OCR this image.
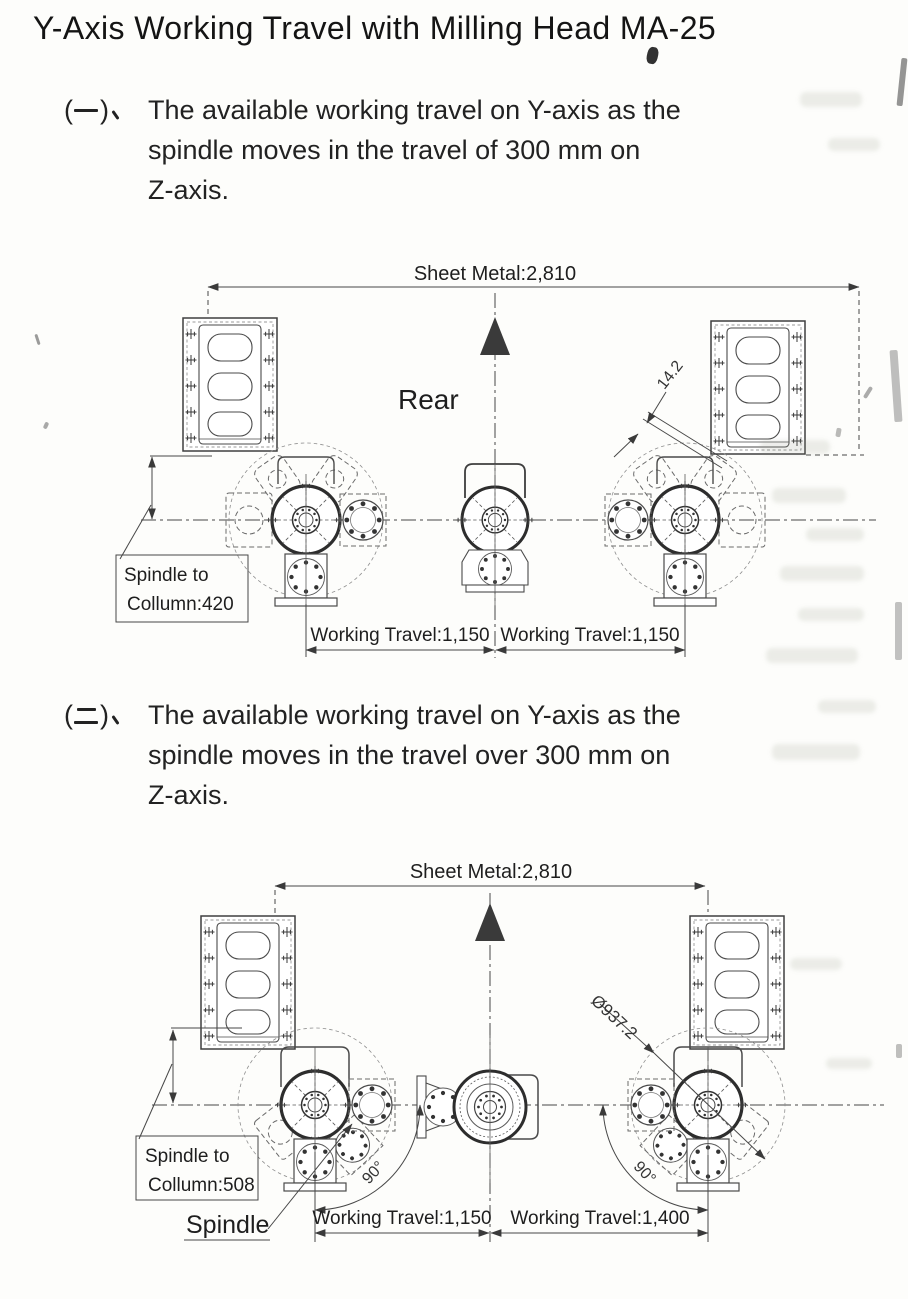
Y-Axis Working Travel with Milling Head MA-25
( ) The available working travel on Y-axis as the
spindle moves in the travel of 300 mm on
Z-axis.
Sheet Metal:2,810
Rear
14.2
Spindle to
Collumn:420
Working Travel:1,150 Working Travel:1,150
( ) The available working travel on Y-axis as the
spindle moves in the travel over 300 mm on
Z-axis.
Sheet Metal:2,810
Ø937.2
90°	90°
Spindle to
Collumn:508
Spindle Working Travel:1,150 Working Travel:1,400
